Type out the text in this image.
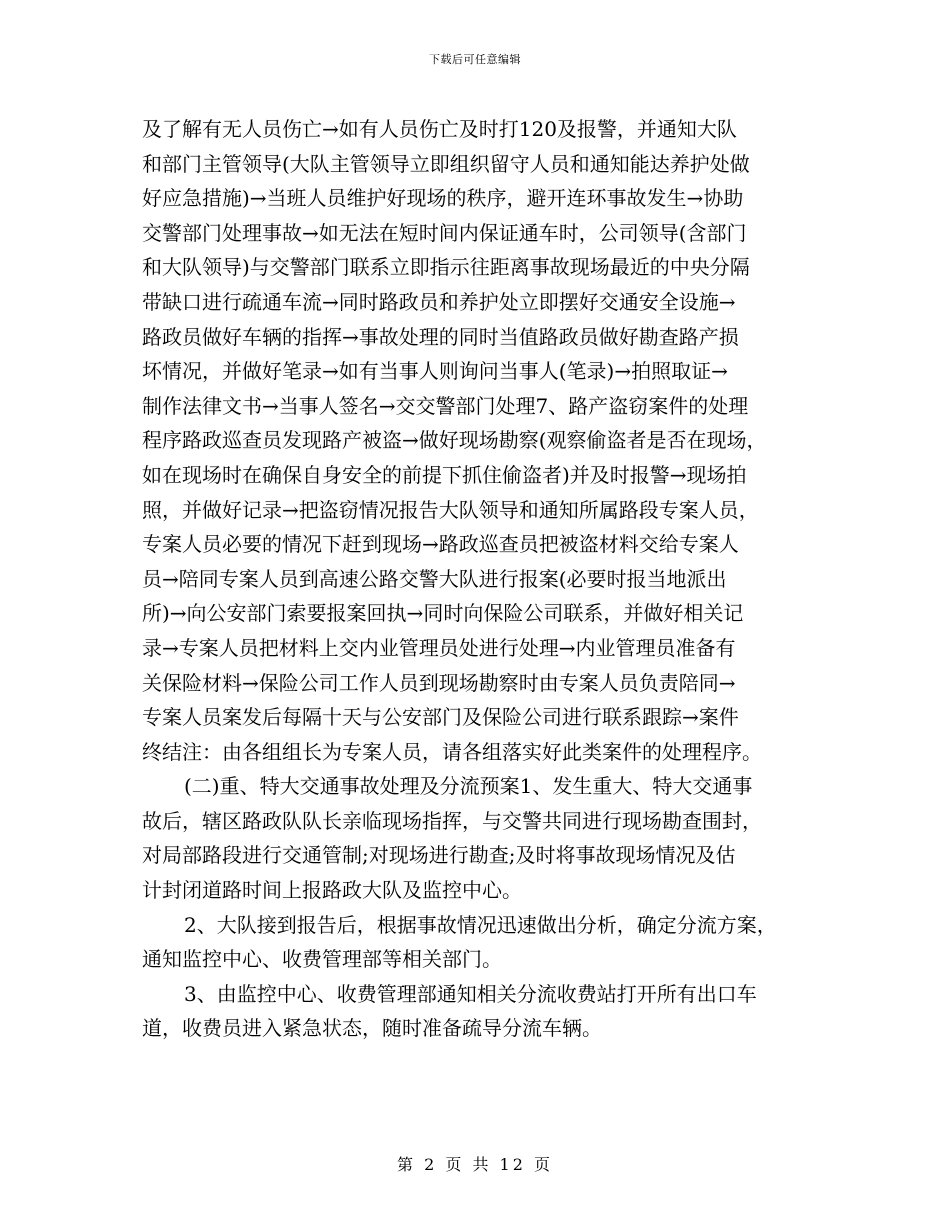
下载后可任意编辑
及了解有无人员伤亡→如有人员伤亡及时打120及报警，并通知大队
和部门主管领导(大队主管领导立即组织留守人员和通知能达养护处做
好应急措施)→当班人员维护好现场的秩序，避开连环事故发生→协助
交警部门处理事故→如无法在短时间内保证通车时，公司领导(含部门
和大队领导)与交警部门联系立即指示往距离事故现场最近的中央分隔
带缺口进行疏通车流→同时路政员和养护处立即摆好交通安全设施→
路政员做好车辆的指挥→事故处理的同时当值路政员做好勘查路产损
坏情况，并做好笔录→如有当事人则询问当事人(笔录)→拍照取证→
制作法律文书→当事人签名→交交警部门处理7、路产盗窃案件的处理
程序路政巡查员发现路产被盗→做好现场勘察(观察偷盗者是否在现场，
如在现场时在确保自身安全的前提下抓住偷盗者)并及时报警→现场拍
照，并做好记录→把盗窃情况报告大队领导和通知所属路段专案人员，
专案人员必要的情况下赶到现场→路政巡查员把被盗材料交给专案人
员→陪同专案人员到高速公路交警大队进行报案(必要时报当地派出
所)→向公安部门索要报案回执→同时向保险公司联系，并做好相关记
录→专案人员把材料上交内业管理员处进行处理→内业管理员准备有
关保险材料→保险公司工作人员到现场勘察时由专案人员负责陪同→
专案人员案发后每隔十天与公安部门及保险公司进行联系跟踪→案件
终结注：由各组组长为专案人员，请各组落实好此类案件的处理程序。
(二)重、特大交通事故处理及分流预案1、发生重大、特大交通事
故后，辖区路政队队长亲临现场指挥，与交警共同进行现场勘查围封，
对局部路段进行交通管制;对现场进行勘查;及时将事故现场情况及估
计封闭道路时间上报路政大队及监控中心。
2、大队接到报告后，根据事故情况迅速做出分析，确定分流方案，
通知监控中心、收费管理部等相关部门。
3、由监控中心、收费管理部通知相关分流收费站打开所有出口车
道，收费员进入紧急状态，随时准备疏导分流车辆。
第 2 页 共 12 页
